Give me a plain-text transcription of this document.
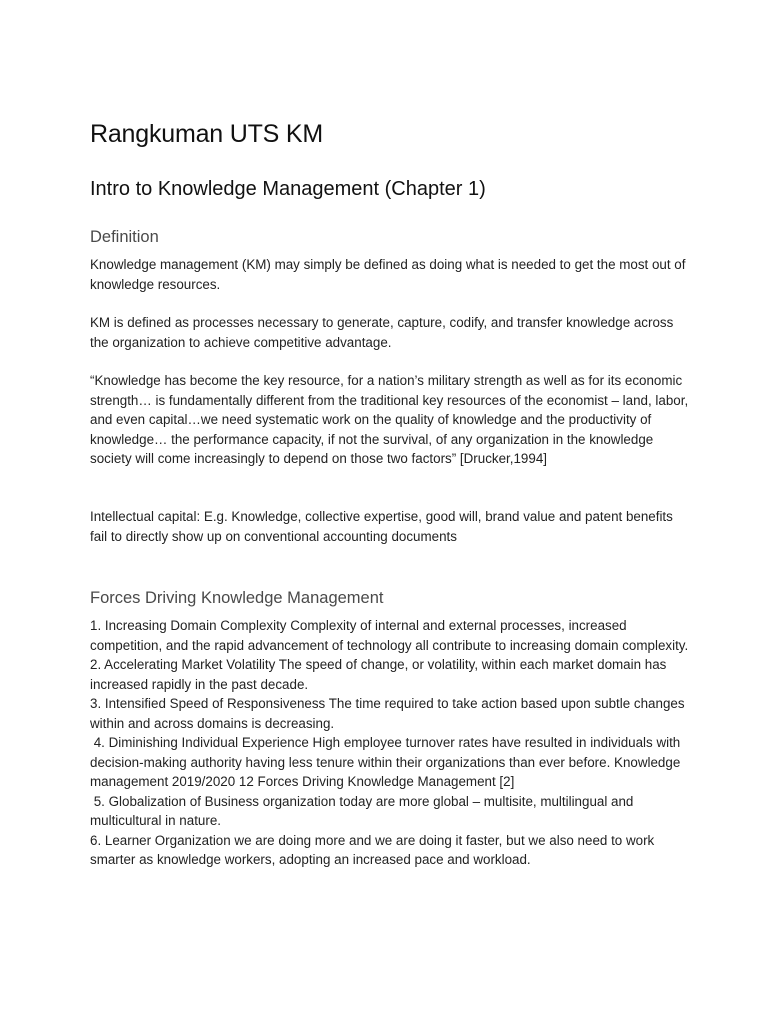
Rangkuman UTS KM
Intro to Knowledge Management (Chapter 1)
Definition

Knowledge management (KM) may simply be defined as doing what is needed to get the most out of knowledge resources.

KM is defined as processes necessary to generate, capture, codify, and transfer knowledge across the organization to achieve competitive advantage.

“Knowledge has become the key resource, for a nation’s military strength as well as for its economic strength… is fundamentally different from the traditional key resources of the economist – land, labor, and even capital…we need systematic work on the quality of knowledge and the productivity of knowledge… the performance capacity, if not the survival, of any organization in the knowledge society will come increasingly to depend on those two factors” [Drucker,1994]

Intellectual capital: E.g. Knowledge, collective expertise, good will, brand value and patent benefits fail to directly show up on conventional accounting documents

Forces Driving Knowledge Management
1. Increasing Domain Complexity Complexity of internal and external processes, increased competition, and the rapid advancement of technology all contribute to increasing domain complexity.
2. Accelerating Market Volatility The speed of change, or volatility, within each market domain has increased rapidly in the past decade.
3. Intensified Speed of Responsiveness The time required to take action based upon subtle changes within and across domains is decreasing.
4. Diminishing Individual Experience High employee turnover rates have resulted in individuals with decision-making authority having less tenure within their organizations than ever before. Knowledge management 2019/2020 12 Forces Driving Knowledge Management [2]
5. Globalization of Business organization today are more global – multisite, multilingual and multicultural in nature.
6. Learner Organization we are doing more and we are doing it faster, but we also need to work smarter as knowledge workers, adopting an increased pace and workload.
